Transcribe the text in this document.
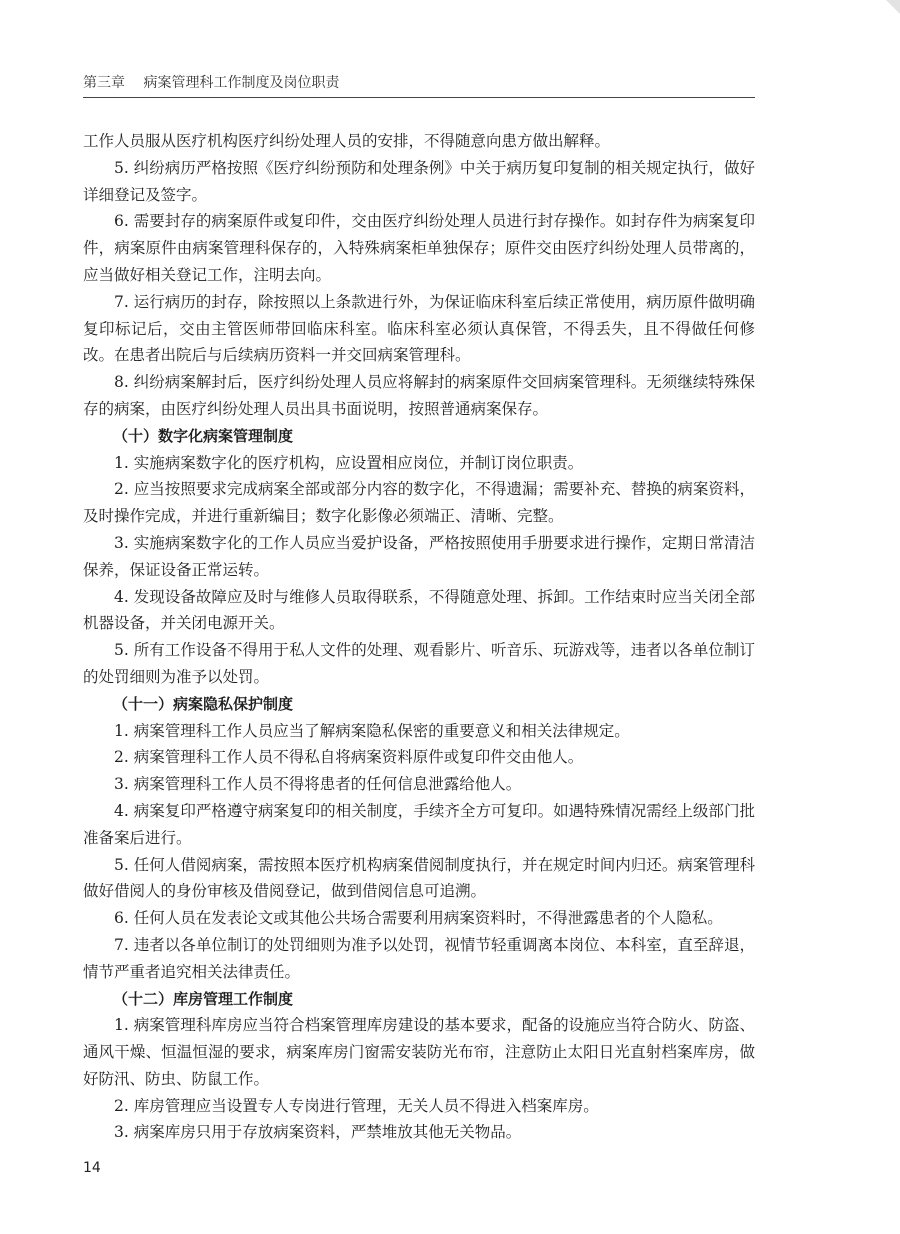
第三章 病案管理科工作制度及岗位职责

工作人员服从医疗机构医疗纠纷处理人员的安排，不得随意向患方做出解释。

5. 纠纷病历严格按照《医疗纠纷预防和处理条例》中关于病历复印复制的相关规定执行，做好详细登记及签字。

6. 需要封存的病案原件或复印件，交由医疗纠纷处理人员进行封存操作。如封存件为病案复印件，病案原件由病案管理科保存的，入特殊病案柜单独保存；原件交由医疗纠纷处理人员带离的，应当做好相关登记工作，注明去向。

7. 运行病历的封存，除按照以上条款进行外，为保证临床科室后续正常使用，病历原件做明确复印标记后，交由主管医师带回临床科室。临床科室必须认真保管，不得丢失，且不得做任何修改。在患者出院后与后续病历资料一并交回病案管理科。

8. 纠纷病案解封后，医疗纠纷处理人员应将解封的病案原件交回病案管理科。无须继续特殊保存的病案，由医疗纠纷处理人员出具书面说明，按照普通病案保存。

（十）数字化病案管理制度

1. 实施病案数字化的医疗机构，应设置相应岗位，并制订岗位职责。

2. 应当按照要求完成病案全部或部分内容的数字化，不得遗漏；需要补充、替换的病案资料，及时操作完成，并进行重新编目；数字化影像必须端正、清晰、完整。

3. 实施病案数字化的工作人员应当爱护设备，严格按照使用手册要求进行操作，定期日常清洁保养，保证设备正常运转。

4. 发现设备故障应及时与维修人员取得联系，不得随意处理、拆卸。工作结束时应当关闭全部机器设备，并关闭电源开关。

5. 所有工作设备不得用于私人文件的处理、观看影片、听音乐、玩游戏等，违者以各单位制订的处罚细则为准予以处罚。

（十一）病案隐私保护制度

1. 病案管理科工作人员应当了解病案隐私保密的重要意义和相关法律规定。

2. 病案管理科工作人员不得私自将病案资料原件或复印件交由他人。

3. 病案管理科工作人员不得将患者的任何信息泄露给他人。

4. 病案复印严格遵守病案复印的相关制度，手续齐全方可复印。如遇特殊情况需经上级部门批准备案后进行。

5. 任何人借阅病案，需按照本医疗机构病案借阅制度执行，并在规定时间内归还。病案管理科做好借阅人的身份审核及借阅登记，做到借阅信息可追溯。

6. 任何人员在发表论文或其他公共场合需要利用病案资料时，不得泄露患者的个人隐私。

7. 违者以各单位制订的处罚细则为准予以处罚，视情节轻重调离本岗位、本科室，直至辞退，情节严重者追究相关法律责任。

（十二）库房管理工作制度

1. 病案管理科库房应当符合档案管理库房建设的基本要求，配备的设施应当符合防火、防盗、通风干燥、恒温恒湿的要求，病案库房门窗需安装防光布帘，注意防止太阳日光直射档案库房，做好防汛、防虫、防鼠工作。

2. 库房管理应当设置专人专岗进行管理，无关人员不得进入档案库房。

3. 病案库房只用于存放病案资料，严禁堆放其他无关物品。

14
